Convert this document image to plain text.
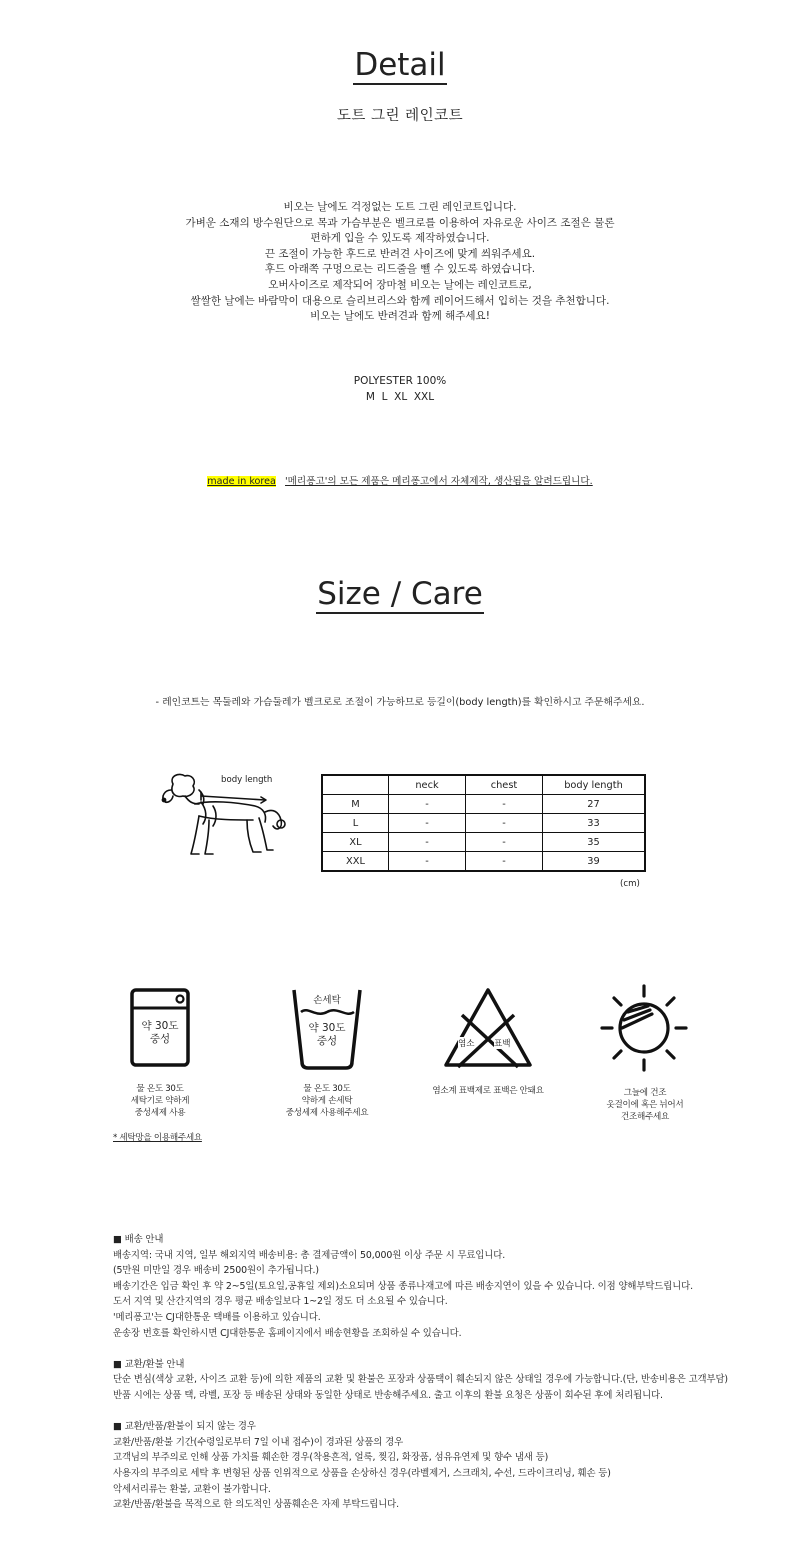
Detail
도트 그린 레인코트

비오는 날에도 걱정없는 도트 그린 레인코트입니다.

가벼운 소재의 방수원단으로 목과 가슴부분은 벨크로를 이용하여 자유로운 사이즈 조절은 물론

편하게 입을 수 있도록 제작하였습니다.

끈 조절이 가능한 후드로 반려견 사이즈에 맞게 씌워주세요.

후드 아래쪽 구멍으로는 리드줄을 뺄 수 있도록 하였습니다.

오버사이즈로 제작되어 장마철 비오는 날에는 레인코트로,

쌀쌀한 날에는 바람막이 대용으로 슬리브리스와 함께 레이어드해서 입히는 것을 추천합니다.

비오는 날에도 반려견과 함께 해주세요!

POLYESTER 100%

M  L  XL  XXL

made in korea '메리퐁고'의 모든 제품은 메리퐁고에서 자체제작, 생산됨을 알려드립니다.
Size / Care
- 레인코트는 목둘레와 가슴둘레가 벨크로로 조절이 가능하므로 등길이(body length)를 확인하시고 주문해주세요.
body length
		neck	chest	body length
M	-	-	27
L	-	-	33
XL	-	-	35
XXL	-	-	39
(cm)
약 30도
중성
물 온도 30도
세탁기로 약하게
중성세제 사용
* 세탁망을 이용해주세요
손세탁
약 30도
중성
물 온도 30도
약하게 손세탁
중성세제 사용해주세요
염소 표백
염소계 표백제로 표백은 안돼요	그늘에 건조
옷걸이에 혹은 뉘어서
건조해주세요

■ 배송 안내

배송지역: 국내 지역, 일부 해외지역 배송비용: 총 결제금액이 50,000원 이상 주문 시 무료입니다.

(5만원 미만일 경우 배송비 2500원이 추가됩니다.)

배송기간은 입금 확인 후 약 2~5일(토요일,공휴일 제외)소요되며 상품 종류나재고에 따른 배송지연이 있을 수 있습니다. 이점 양해부탁드립니다.

도서 지역 및 산간지역의 경우 평균 배송일보다 1~2일 정도 더 소요될 수 있습니다.

'메리퐁고'는 CJ대한통운 택배를 이용하고 있습니다.

운송장 번호를 확인하시면 CJ대한통운 홈페이지에서 배송현황을 조회하실 수 있습니다.

■ 교환/환불 안내

단순 변심(색상 교환, 사이즈 교환 등)에 의한 제품의 교환 및 환불은 포장과 상품택이 훼손되지 않은 상태일 경우에 가능합니다.(단, 반송비용은 고객부담)

반품 시에는 상품 택, 라벨, 포장 등 배송된 상태와 동일한 상태로 반송해주세요. 출고 이후의 환불 요청은 상품이 회수된 후에 처리됩니다.

■ 교환/반품/환불이 되지 않는 경우

교환/반품/환불 기간(수령일로부터 7일 이내 접수)이 경과된 상품의 경우

고객님의 부주의로 인해 상품 가치를 훼손한 경우(착용흔적, 얼룩, 찢김, 화장품, 섬유유연제 및 향수 냄새 등)

사용자의 부주의로 세탁 후 변형된 상품 인위적으로 상품을 손상하신 경우(라벨제거, 스크래치, 수선, 드라이크리닝, 훼손 등)

악세서리류는 환불, 교환이 불가합니다.

교환/반품/환불을 목적으로 한 의도적인 상품훼손은 자제 부탁드립니다.
